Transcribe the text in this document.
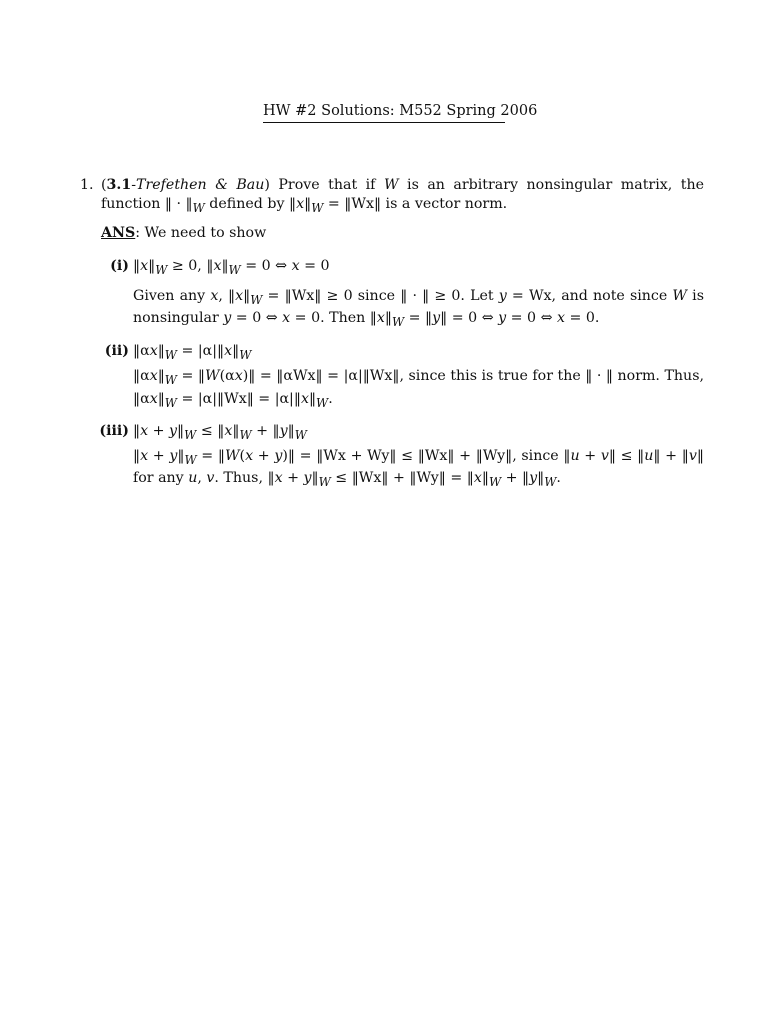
HW #2 Solutions: M552 Spring 2006
1. (3.1-Trefethen & Bau) Prove that if W is an arbitrary nonsingular matrix, the function ‖ · $‖_W$ defined by $‖x‖_W$ = ‖Wx‖ is a vector norm.
ANS: We need to show
(i) $‖x‖_W \ge 0$, $‖x‖_W = 0$ ⇔ x = 0
Given any x, $‖x‖_W$ = ‖Wx‖ ≥ 0 since ‖ · ‖ ≥ 0. Let y = Wx, and note since W is nonsingular y = 0 ⇔ x = 0. Then $‖x‖_W$ = ‖y‖ = 0 ⇔ y = 0 ⇔ x = 0.
(ii) $‖\alpha x‖_W$ = $|\alpha|‖x‖_W$
$‖\alpha x‖_W$ = ‖W(αx)‖ = ‖αWx‖ = |α|‖Wx‖, since this is true for the ‖ · ‖ norm. Thus, $‖\alpha x‖_W$ = |α|‖Wx‖ = $|\alpha|‖x‖_W$.
(iii) ‖x + $y‖_W$ ≤ $‖x‖_W$ + $‖y‖_W$
‖x + $y‖_W$ = ‖W(x + y)‖ = ‖Wx + Wy‖ ≤ ‖Wx‖ + ‖Wy‖, since ‖u + v‖ ≤ ‖u‖ + ‖v‖ for any u, v. Thus, ‖x + $y‖_W$ ≤ ‖Wx‖ + ‖Wy‖ = $‖x‖_W$ + $‖y‖_W$.
